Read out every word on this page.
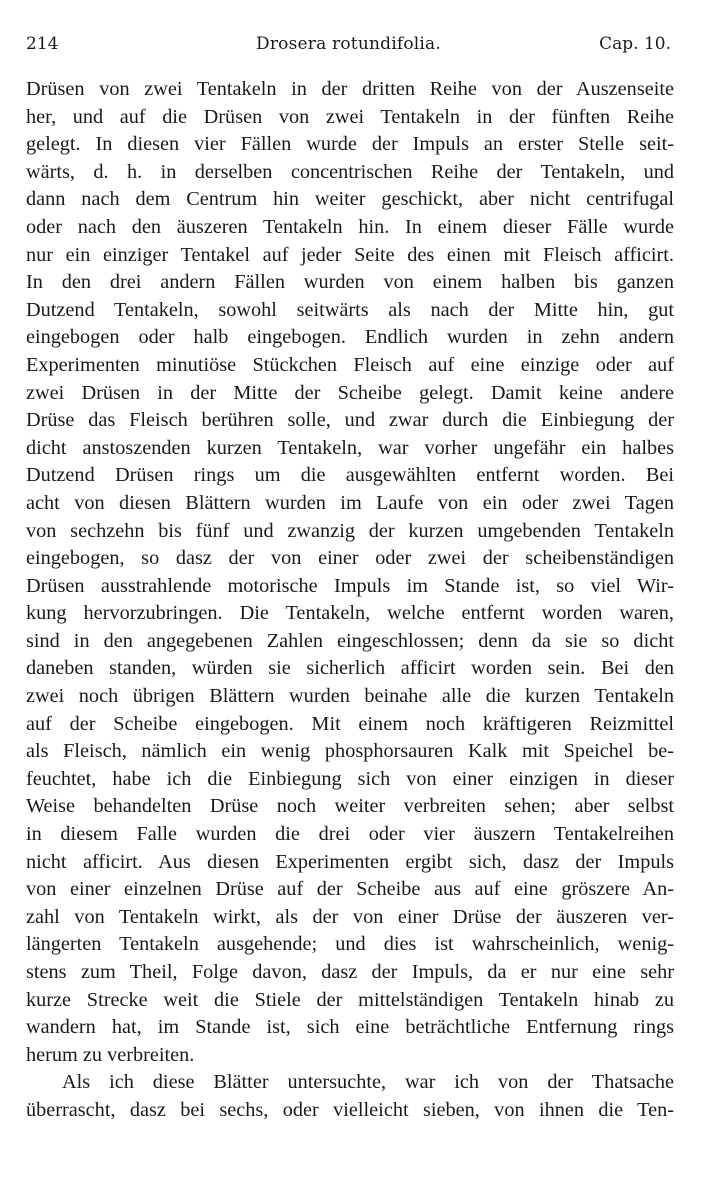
214	Drosera rotundifolia.	Cap. 10.
Drüsen von zwei Tentakeln in der dritten Reihe von der Auszenseite
her, und auf die Drüsen von zwei Tentakeln in der fünften Reihe
gelegt. In diesen vier Fällen wurde der Impuls an erster Stelle seit-
wärts, d. h. in derselben concentrischen Reihe der Tentakeln, und
dann nach dem Centrum hin weiter geschickt, aber nicht centrifugal
oder nach den äuszeren Tentakeln hin. In einem dieser Fälle wurde
nur ein einziger Tentakel auf jeder Seite des einen mit Fleisch afficirt.
In den drei andern Fällen wurden von einem halben bis ganzen
Dutzend Tentakeln, sowohl seitwärts als nach der Mitte hin, gut
eingebogen oder halb eingebogen. Endlich wurden in zehn andern
Experimenten minutiöse Stückchen Fleisch auf eine einzige oder auf
zwei Drüsen in der Mitte der Scheibe gelegt. Damit keine andere
Drüse das Fleisch berühren solle, und zwar durch die Einbiegung der
dicht anstoszenden kurzen Tentakeln, war vorher ungefähr ein halbes
Dutzend Drüsen rings um die ausgewählten entfernt worden. Bei
acht von diesen Blättern wurden im Laufe von ein oder zwei Tagen
von sechzehn bis fünf und zwanzig der kurzen umgebenden Tentakeln
eingebogen, so dasz der von einer oder zwei der scheibenständigen
Drüsen ausstrahlende motorische Impuls im Stande ist, so viel Wir-
kung hervorzubringen. Die Tentakeln, welche entfernt worden waren,
sind in den angegebenen Zahlen eingeschlossen; denn da sie so dicht
daneben standen, würden sie sicherlich afficirt worden sein. Bei den
zwei noch übrigen Blättern wurden beinahe alle die kurzen Tentakeln
auf der Scheibe eingebogen. Mit einem noch kräftigeren Reizmittel
als Fleisch, nämlich ein wenig phosphorsauren Kalk mit Speichel be-
feuchtet, habe ich die Einbiegung sich von einer einzigen in dieser
Weise behandelten Drüse noch weiter verbreiten sehen; aber selbst
in diesem Falle wurden die drei oder vier äuszern Tentakelreihen
nicht afficirt. Aus diesen Experimenten ergibt sich, dasz der Impuls
von einer einzelnen Drüse auf der Scheibe aus auf eine gröszere An-
zahl von Tentakeln wirkt, als der von einer Drüse der äuszeren ver-
längerten Tentakeln ausgehende; und dies ist wahrscheinlich, wenig-
stens zum Theil, Folge davon, dasz der Impuls, da er nur eine sehr
kurze Strecke weit die Stiele der mittelständigen Tentakeln hinab zu
wandern hat, im Stande ist, sich eine beträchtliche Entfernung rings
herum zu verbreiten.
Als ich diese Blätter untersuchte, war ich von der Thatsache
überrascht, dasz bei sechs, oder vielleicht sieben, von ihnen die Ten-
